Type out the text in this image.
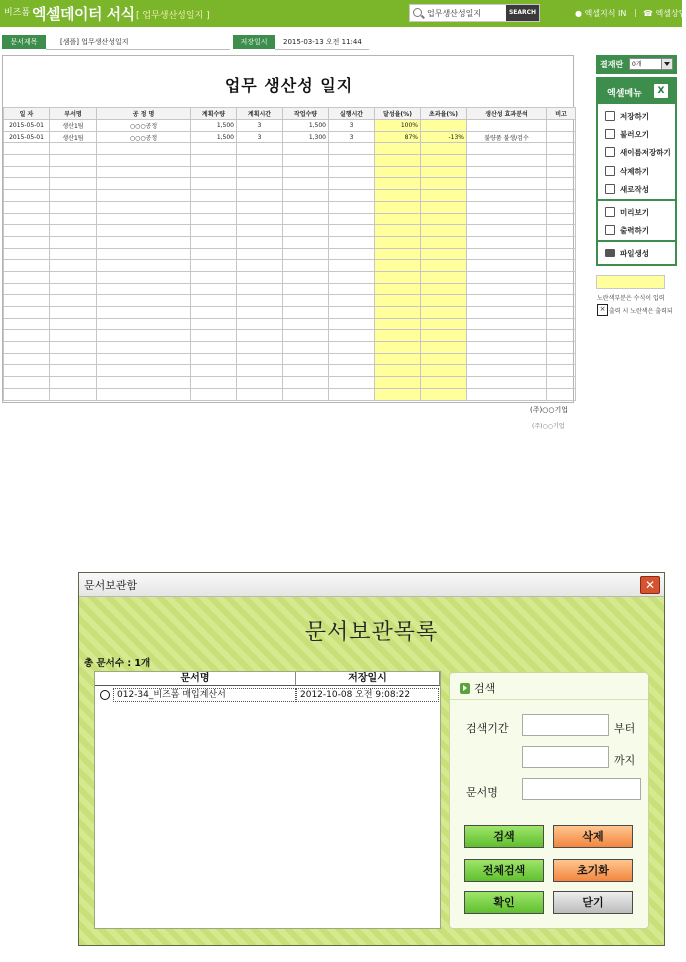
비즈폼 엑셀데이터 서식 [ 업무생산성일지 ]
업무생산성일지	SEARCH	● 엑셀지식 IN | ☎ 엑셀상담
문서제목	[샘플] 업무생산성일지	저장일시	2015-03-13 오전 11:44
업무 생산성 일지
일 자	부서명	공 정 명	계획수량	계획시간	작업수량	실행시간	달성율(%)	초과율(%)	생산성 효과분석	비고
2015-05-01	생산1팀	○○○공정	1,500	3	1,500	3	100%			
2015-05-01	생산1팀	○○○공정	1,500	3	1,300	3	87%	-13%	불량품 불생/검수	

(주)○○기업
(주)○○기업
결재란	0개
엑셀메뉴	X
저장하기
불러오기
새이름저장하기
삭제하기
새로작성
미리보기
출력하기
파일생성
노란색부분은 수식이 입력
× 출력 시 노란색은 출력되
문서보관함	✕
문서보관목록
총 문서수 : 1개
문서명	저장일시
012-34_비즈폼 매입계산서	2012-10-08 오전 9:08:22	검색
검색기간	부터
까지
문서명
검색	삭제
전체검색	초기화
확인	닫기
